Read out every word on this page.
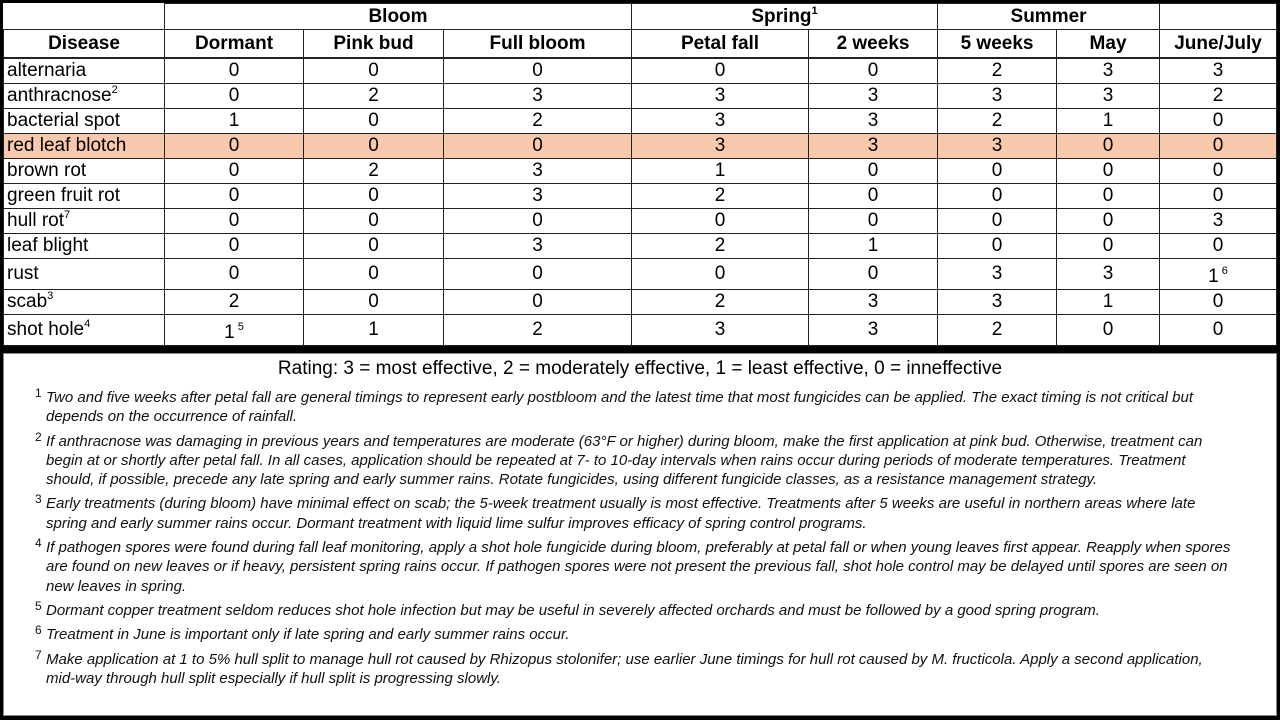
	Bloom			Spring$^1$		Summer		
Disease	Dormant	Pink bud	Full bloom	Petal fall	2 weeks	5 weeks	May	June/July
alternaria	0	0	0	0	0	2	3	3
anthracnose$^2$	0	2	3	3	3	3	3	2
bacterial spot	1	0	2	3	3	2	1	0
red leaf blotch	0	0	0	3	3	3	0	0
brown rot	0	2	3	1	0	0	0	0
green fruit rot	0	0	3	2	0	0	0	0
hull rot$^7$	0	0	0	0	0	0	0	3
leaf blight	0	0	3	2	1	0	0	0
rust	0	0	0	0	0	3	3	1 $^6$
scab$^3$	2	0	0	2	3	3	1	0
shot hole$^4$	1 $^5$	1	2	3	3	2	0	0
Rating: 3 = most effective, 2 = moderately effective, 1 = least effective, 0 = inneffective
1 Two and five weeks after petal fall are general timings to represent early postbloom and the latest time that most fungicides can be applied. The exact timing is not critical but depends on the occurrence of rainfall.
2 If anthracnose was damaging in previous years and temperatures are moderate (63°F or higher) during bloom, make the first application at pink bud. Otherwise, treatment can begin at or shortly after petal fall. In all cases, application should be repeated at 7- to 10-day intervals when rains occur during periods of moderate temperatures. Treatment should, if possible, precede any late spring and early summer rains. Rotate fungicides, using different fungicide classes, as a resistance management strategy.
3 Early treatments (during bloom) have minimal effect on scab; the 5-week treatment usually is most effective. Treatments after 5 weeks are useful in northern areas where late spring and early summer rains occur. Dormant treatment with liquid lime sulfur improves efficacy of spring control programs.
4 If pathogen spores were found during fall leaf monitoring, apply a shot hole fungicide during bloom, preferably at petal fall or when young leaves first appear. Reapply when spores are found on new leaves or if heavy, persistent spring rains occur. If pathogen spores were not present the previous fall, shot hole control may be delayed until spores are seen on new leaves in spring.
5 Dormant copper treatment seldom reduces shot hole infection but may be useful in severely affected orchards and must be followed by a good spring program.
6 Treatment in June is important only if late spring and early summer rains occur.
7 Make application at 1 to 5% hull split to manage hull rot caused by Rhizopus stolonifer; use earlier June timings for hull rot caused by M. fructicola. Apply a second application, mid-way through hull split especially if hull split is progressing slowly.
